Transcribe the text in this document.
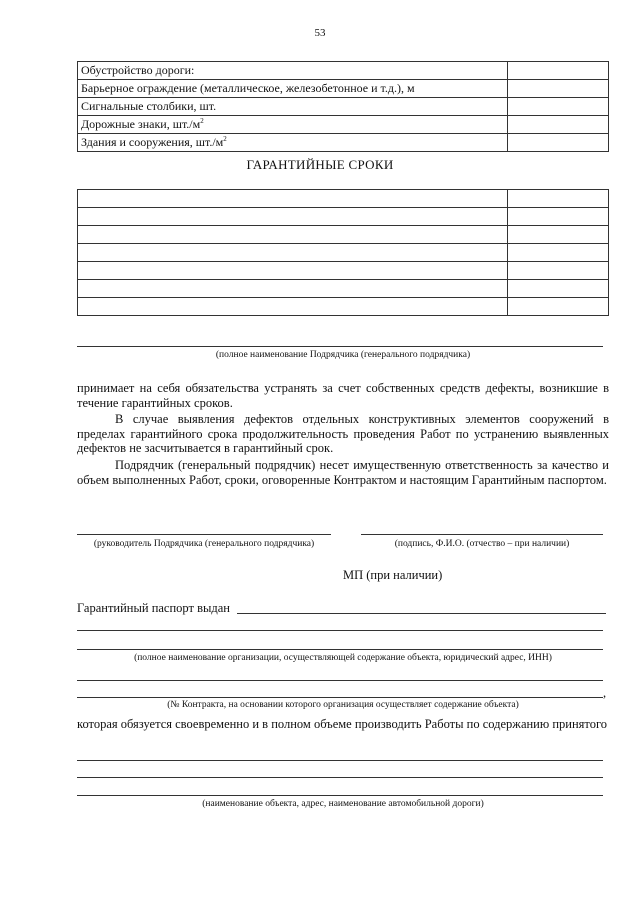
53
Обустройство дороги:	
Барьерное ограждение (металлическое, железобетонное и т.д.), м	
Сигнальные столбики, шт.	
Дорожные знаки, $шт./м^2$	
Здания и сооружения, $шт./м^2$	
ГАРАНТИЙНЫЕ СРОКИ

(полное наименование Подрядчика (генерального подрядчика)
принимает на себя обязательства устранять за счет собственных средств дефекты, возникшие в течение гарантийных сроков.
В случае выявления дефектов отдельных конструктивных элементов сооружений в пределах гарантийного срока продолжительность проведения Работ по устранению выявленных дефектов не засчитывается в гарантийный срок.
Подрядчик (генеральный подрядчик) несет имущественную ответственность за качество и объем выполненных Работ, сроки, оговоренные Контрактом и настоящим Гарантийным паспортом.
(руководитель Подрядчика (генерального подрядчика)	(подпись, Ф.И.О. (отчество – при наличии)
МП (при наличии)
Гарантийный паспорт выдан
(полное наименование организации, осуществляющей содержание объекта, юридический адрес, ИНН)
,
(№ Контракта, на основании которого организация осуществляет содержание объекта)
которая обязуется своевременно и в полном объеме производить Работы по содержанию принятого
(наименование объекта, адрес, наименование автомобильной дороги)
